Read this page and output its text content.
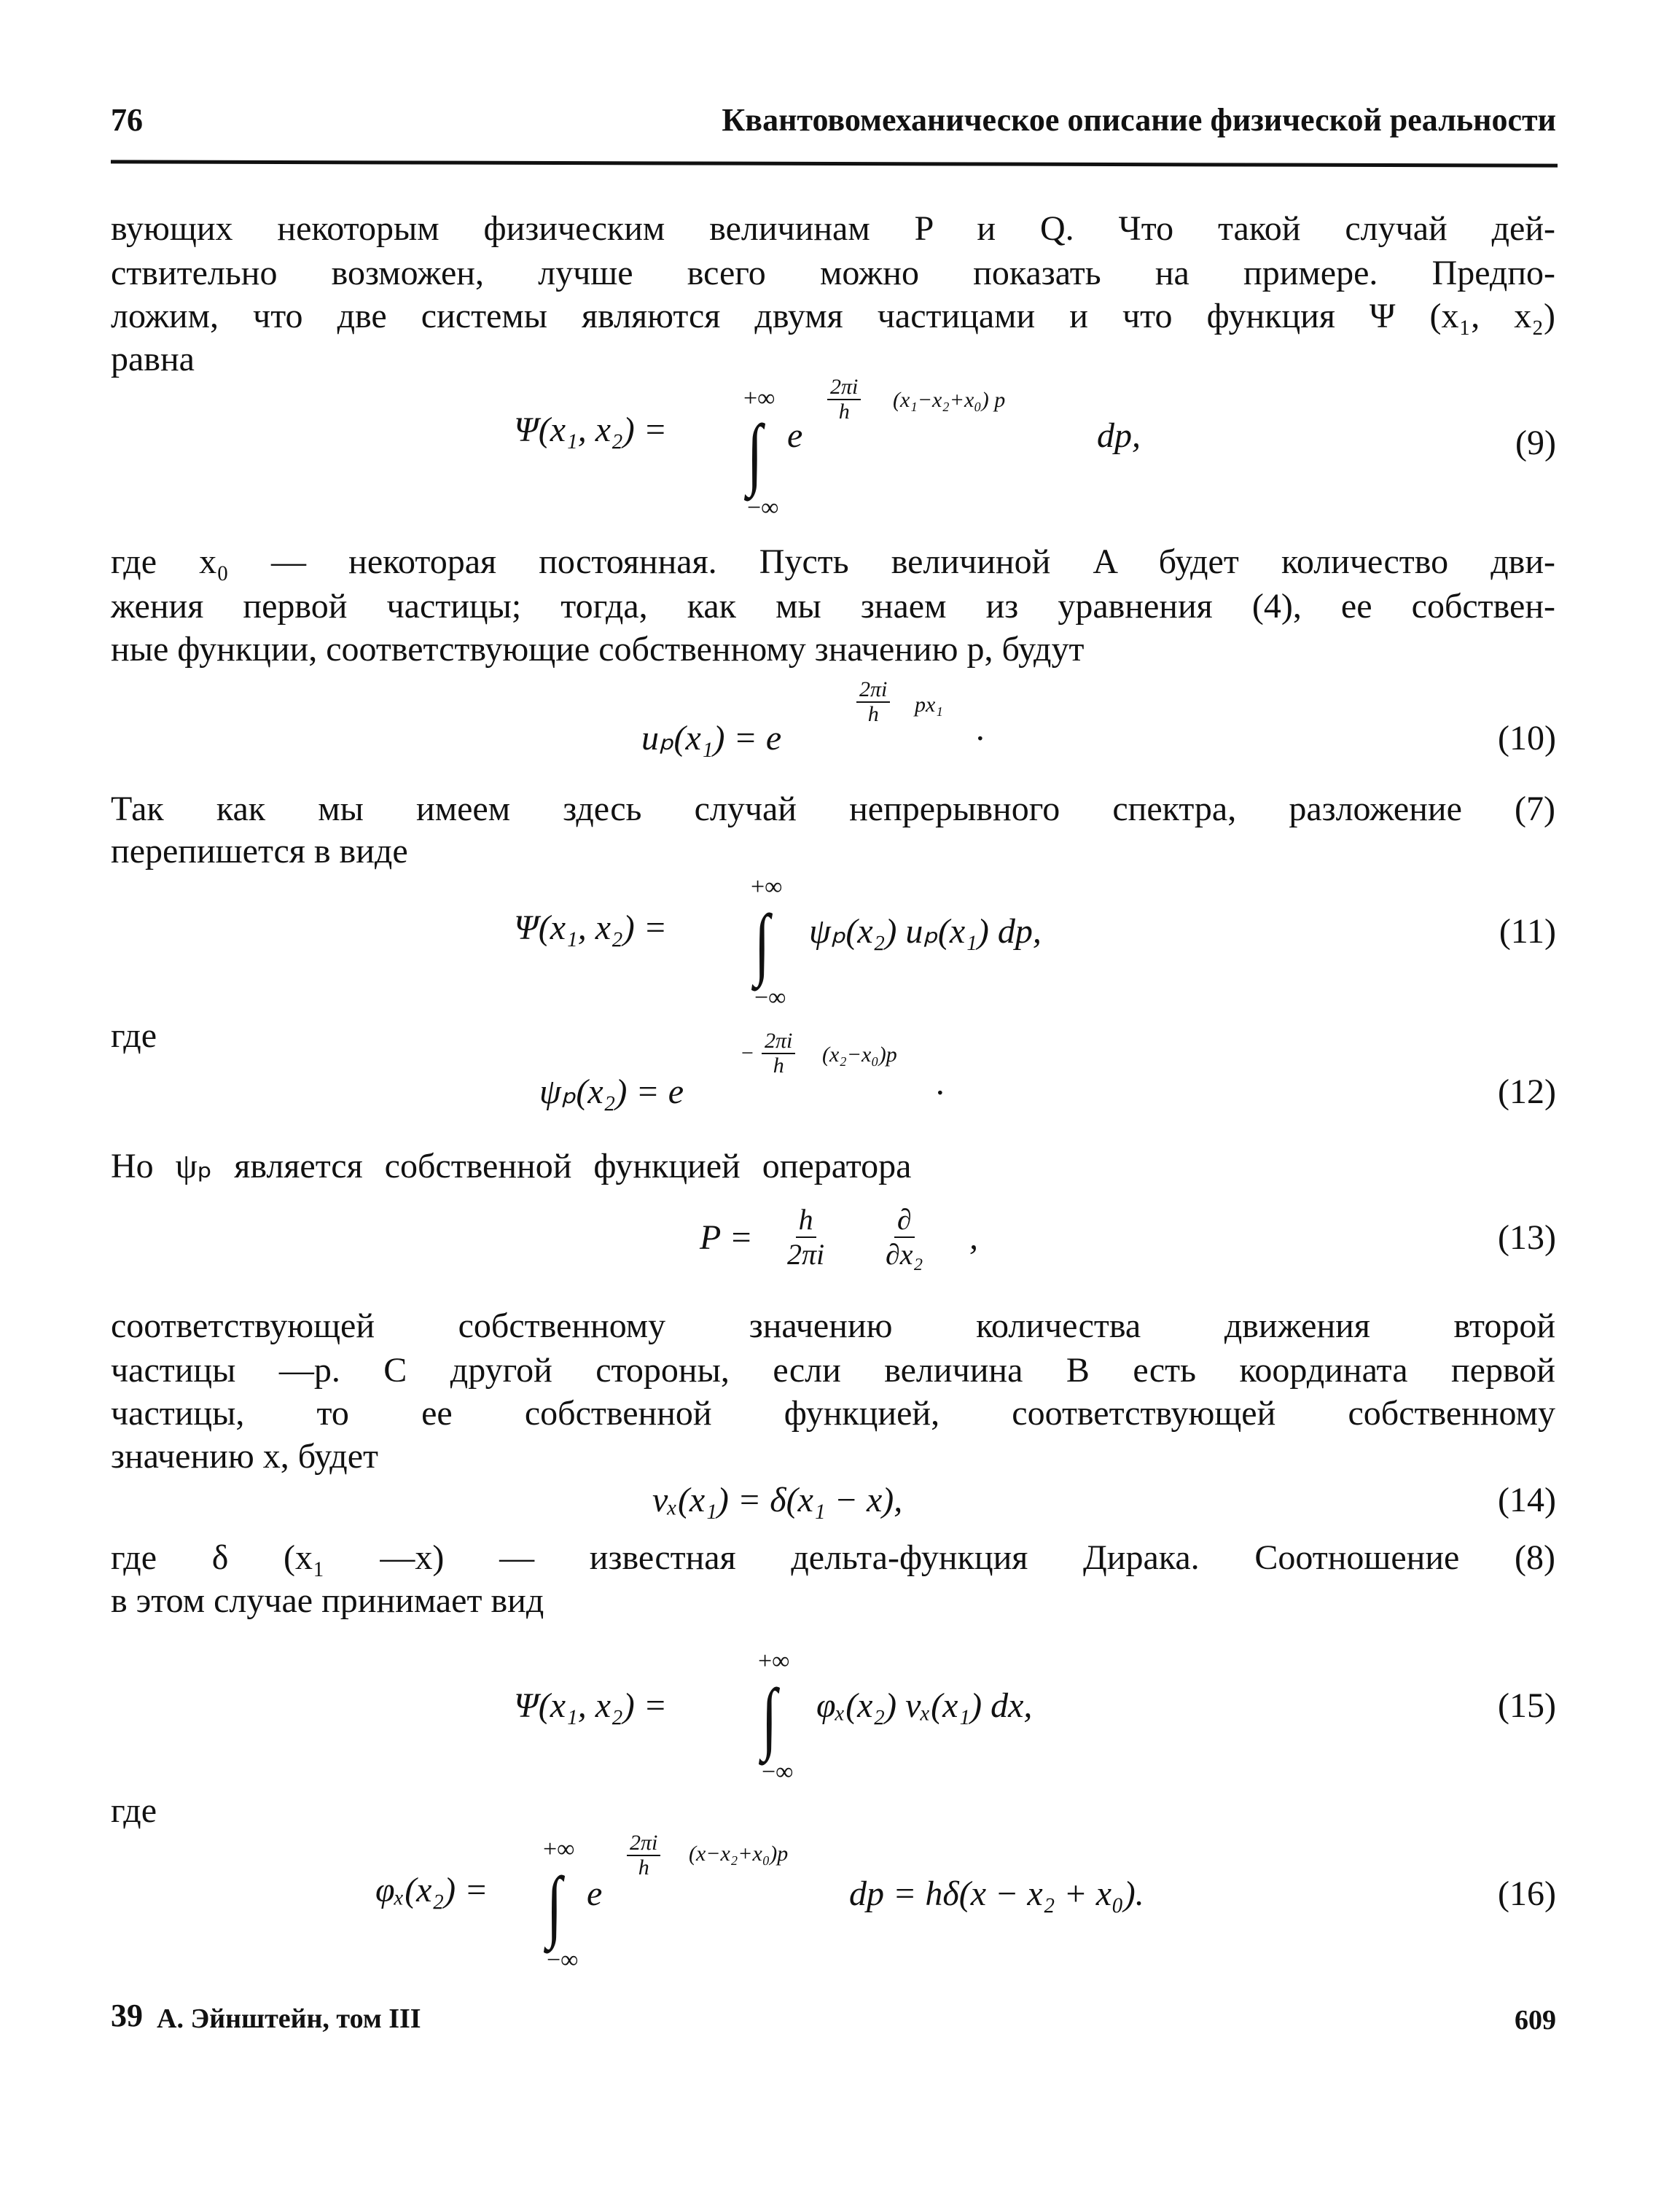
76	Квантовомеханическое описание физической реальности
вующих некоторым физическим величинам P и Q. Что такой случай дей-
ствительно возможен, лучше всего можно показать на примере. Предпо-
ложим, что две системы являются двумя частицами и что функция Ψ (x₁, x₂)
равна
Ψ(x₁, x₂) =
+∞
∫
−∞
e
$\frac{2\pi i}{h} (x_1-x_2+x_0)$ p
dp,	(9)
где x₀ — некоторая постоянная. Пусть величиной A будет количество дви-
жения первой частицы; тогда, как мы знаем из уравнения (4), ее собствен-
ные функции, соответствующие собственному значению p, будут
uₚ(x₁) = e
$\frac{2\pi i}{h} px_1$
.	(10)
Так как мы имеем здесь случай непрерывного спектра, разложение (7)
перепишется в виде
Ψ(x₁, x₂) =
+∞
∫
−∞
ψₚ(x₂) uₚ(x₁) dp,	(11)
где
ψₚ(x₂) = e
− $\frac{2\pi i}{h} (x_2-x_0)p$
.	(12)
Но ψₚ является собственной функцией оператора
$P = \frac{h}{2\pi i}$ ∂
∂x₂ ,	(13)
соответствующей собственному значению количества движения второй
частицы —p. С другой стороны, если величина B есть координата первой
частицы, то ее собственной функцией, соответствующей собственному
значению x, будет
vₓ(x₁) = δ(x₁ − x),	(14)
где δ (x₁ —x) — известная дельта-функция Дирака. Соотношение (8)
в этом случае принимает вид
Ψ(x₁, x₂) =
+∞
∫
−∞
φₓ(x₂) vₓ(x₁) dx,	(15)
где
φₓ(x₂) =
+∞
∫
−∞
e
$\frac{2\pi i}{h} (x-x_2+x_0)p$
dp = hδ(x − x₂ + x₀).	(16)
39 А. Эйнштейн, том III	609
